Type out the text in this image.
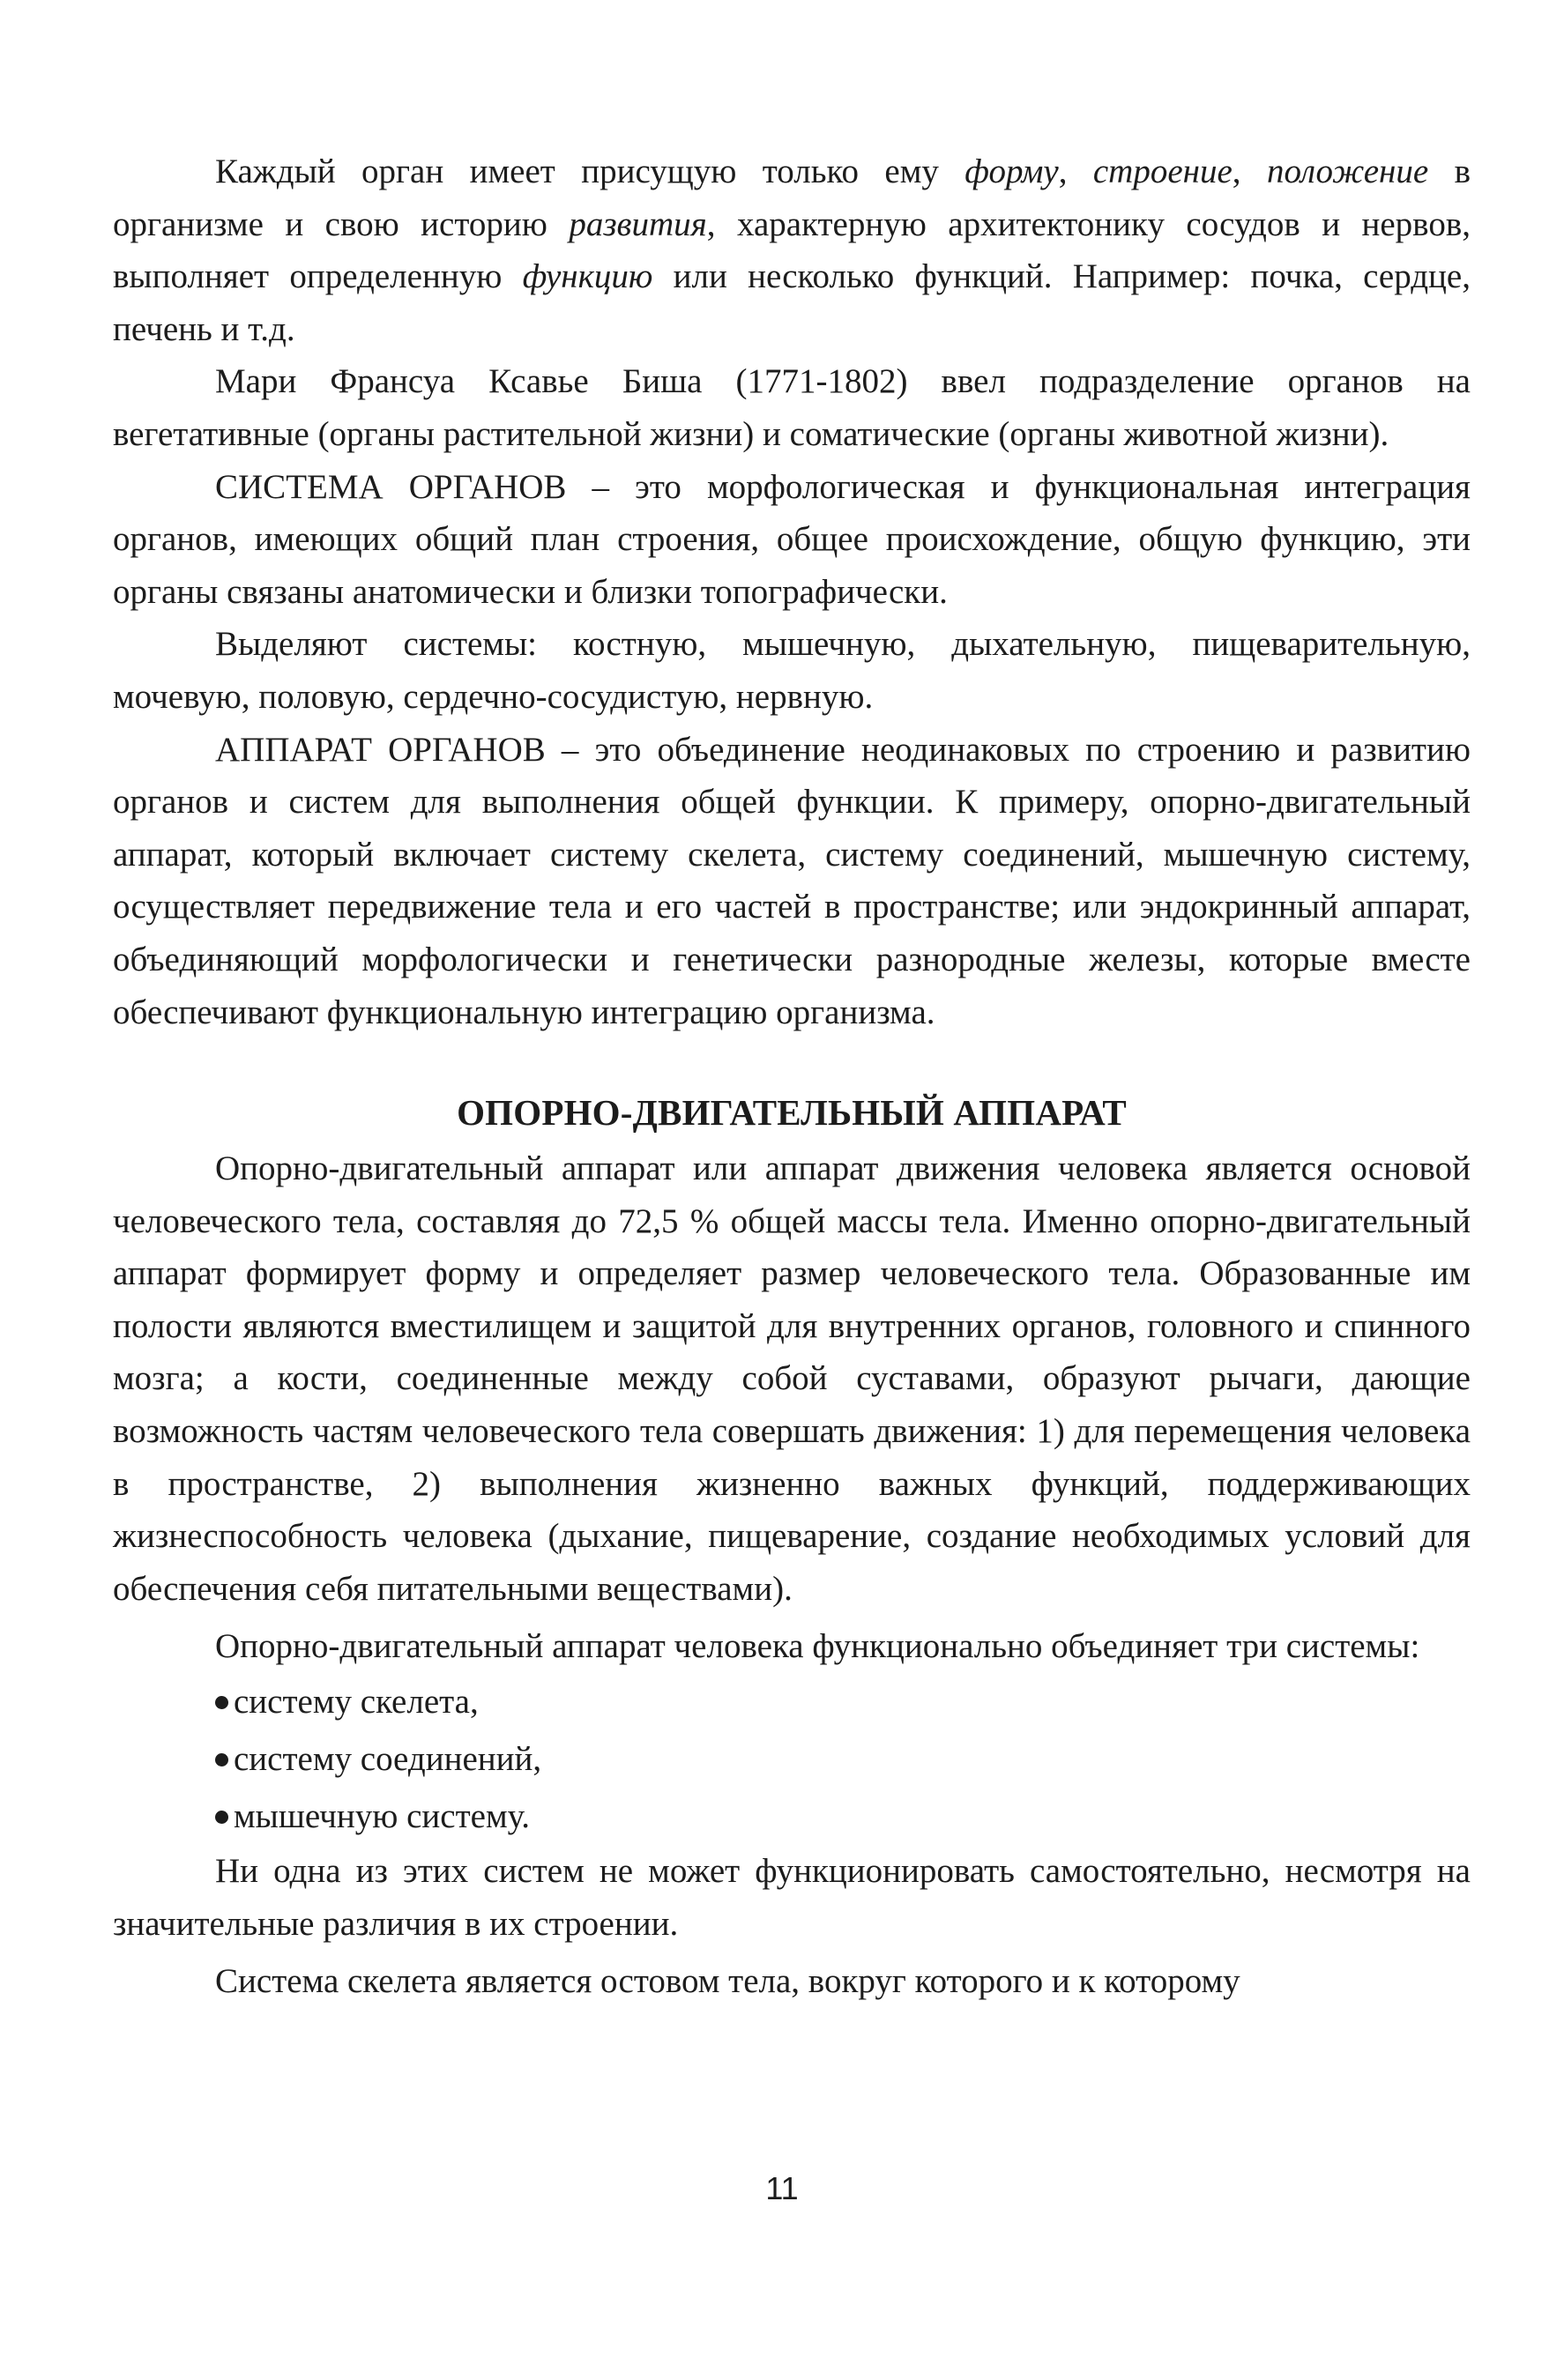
Каждый орган имеет присущую только ему форму, строение, положение в организме и свою историю развития, характерную архитектонику сосудов и нервов, выполняет определенную функцию или несколько функций. Например: почка, сердце, печень и т.д.

Мари Франсуа Ксавье Биша (1771-1802) ввел подразделение органов на вегетативные (органы растительной жизни) и соматические (органы животной жизни).

СИСТЕМА ОРГАНОВ – это морфологическая и функциональная интеграция органов, имеющих общий план строения, общее происхождение, общую функцию, эти органы связаны анатомически и близки топографически.

Выделяют системы: костную, мышечную, дыхательную, пищеварительную, мочевую, половую, сердечно-сосудистую, нервную.

АППАРАТ ОРГАНОВ – это объединение неодинаковых по строению и развитию органов и систем для выполнения общей функции. К примеру, опорно-двигательный аппарат, который включает систему скелета, систему соединений, мышечную систему, осуществляет передвижение тела и его частей в пространстве; или эндокринный аппарат, объединяющий морфологически и генетически разнородные железы, которые вместе обеспечивают функциональную интеграцию организма.

ОПОРНО-ДВИГАТЕЛЬНЫЙ АППАРАТ

Опорно-двигательный аппарат или аппарат движения человека является основой человеческого тела, составляя до 72,5 % общей массы тела. Именно опорно-двигательный аппарат формирует форму и определяет размер человеческого тела. Образованные им полости являются вместилищем и защитой для внутренних органов, головного и спинного мозга; а кости, соединенные между собой суставами, образуют рычаги, дающие возможность частям человеческого тела совершать движения: 1) для перемещения человека в пространстве, 2) выполнения жизненно важных функций, поддерживающих жизнеспособность человека (дыхание, пищеварение, создание необходимых условий для обеспечения себя питательными веществами).

Опорно-двигательный аппарат человека функционально объединяет три системы:

систему скелета,
систему соединений,
мышечную систему.

Ни одна из этих систем не может функционировать самостоятельно, несмотря на значительные различия в их строении.

Система скелета является остовом тела, вокруг которого и к которому

11
